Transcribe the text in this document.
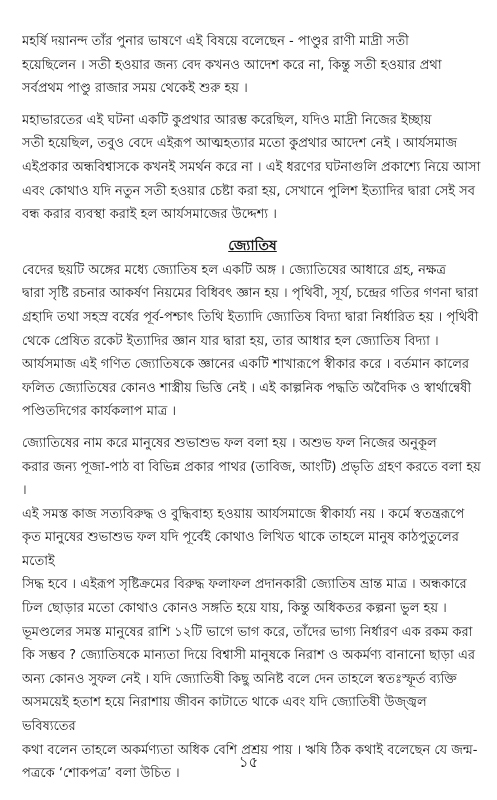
মহর্ষি দয়ানন্দ তাঁর পুনার ভাষণে এই বিষয়ে বলেছেন - পাণ্ডুর রাণী মাদ্রী সতী
হয়েছিলেন । সতী হওয়ার জন্য বেদ কখনও আদেশ করে না, কিন্তু সতী হওয়ার প্রথা
সর্বপ্রথম পাণ্ডু রাজার সময় থেকেই শুরু হয় ।

মহাভারতের এই ঘটনা একটি কুপ্রথার আরম্ভ করেছিল, যদিও মাদ্রী নিজের ইচ্ছায়
সতী হয়েছিল, তবুও বেদে এইরূপ আত্মহত্যার মতো কুপ্রথার আদেশ নেই । আর্যসমাজ
এইপ্রকার অন্ধবিশ্বাসকে কখনই সমর্থন করে না । এই ধরণের ঘটনাগুলি প্রকাশ্যে নিয়ে আসা
এবং কোথাও যদি নতুন সতী হওয়ার চেষ্টা করা হয়, সেখানে পুলিশ ইত্যাদির দ্বারা সেই সব
বন্ধ করার ব্যবস্থা করাই হল আর্যসমাজের উদ্দেশ্য ।

জ্যোতিষ

বেদের ছয়টি অঙ্গের মধ্যে জ্যোতিষ হল একটি অঙ্গ । জ্যোতিষের আধারে গ্রহ, নক্ষত্র
দ্বারা সৃষ্টি রচনার আকর্ষণ নিয়মের বিধিবৎ জ্ঞান হয় । পৃথিবী, সূর্য, চন্দ্রের গতির গণনা দ্বারা
গ্রহাদি তথা সহস্র বর্ষের পূর্ব-পশ্চাৎ তিথি ইত্যাদি জ্যোতিষ বিদ্যা দ্বারা নির্ধারিত হয় । পৃথিবী
থেকে প্রেষিত রকেট ইত্যাদির জ্ঞান যার দ্বারা হয়, তার আধার হল জ্যোতিষ বিদ্যা ।
আর্যসমাজ এই গণিত জ্যোতিষকে জ্ঞানের একটি শাখারূপে স্বীকার করে । বর্তমান কালের
ফলিত জ্যোতিষের কোনও শাস্ত্রীয় ভিত্তি নেই । এই কাল্পনিক পদ্ধতি অবৈদিক ও স্বার্থান্বেষী
পণ্ডিতদিগের কার্যকলাপ মাত্র ।

জ্যোতিষের নাম করে মানুষের শুভাশুভ ফল বলা হয় । অশুভ ফল নিজের অনুকূল
করার জন্য পূজা-পাঠ বা বিভিন্ন প্রকার পাথর (তাবিজ, আংটি) প্রভৃতি গ্রহণ করতে বলা হয় ।
এই সমস্ত কাজ সত্যবিরুদ্ধ ও বুদ্ধিবাহ্য হওয়ায় আর্যসমাজে স্বীকার্য্য নয় । কর্মে স্বতন্ত্ররূপে
কৃত মানুষের শুভাশুভ ফল যদি পূর্বেই কোথাও লিখিত থাকে তাহলে মানুষ কাঠপুতুলের মতোই
সিদ্ধ হবে । এইরূপ সৃষ্টিক্রমের বিরুদ্ধ ফলাফল প্রদানকারী জ্যোতিষ ভ্রান্ত মাত্র । অন্ধকারে
ঢিল ছোড়ার মতো কোথাও কোনও সঙ্গতি হয়ে যায়, কিন্তু অধিকতর কল্পনা ভুল হয় ।
ভূমণ্ডলের সমস্ত মানুষের রাশি ১২টি ভাগে ভাগ করে, তাঁদের ভাগ্য নির্ধারণ এক রকম করা
কি সম্ভব ? জ্যোতিষকে মান্যতা দিয়ে বিশ্বাসী মানুষকে নিরাশ ও অকর্মণ্য বানানো ছাড়া এর
অন্য কোনও সুফল নেই । যদি জ্যোতিষী কিছু অনিষ্ট বলে দেন তাহলে স্বতঃস্ফূর্ত ব্যক্তি
অসময়েই হতাশ হয়ে নিরাশায় জীবন কাটাতে থাকে এবং যদি জ্যোতিষী উজ্জ্বল ভবিষ্যতের
কথা বলেন তাহলে অকর্মণ্যতা অধিক বেশি প্রশ্রয় পায় । ঋষি ঠিক কথাই বলেছেন যে জন্ম-
পত্রকে ‘শোকপত্র’ বলা উচিত ।

১৫
